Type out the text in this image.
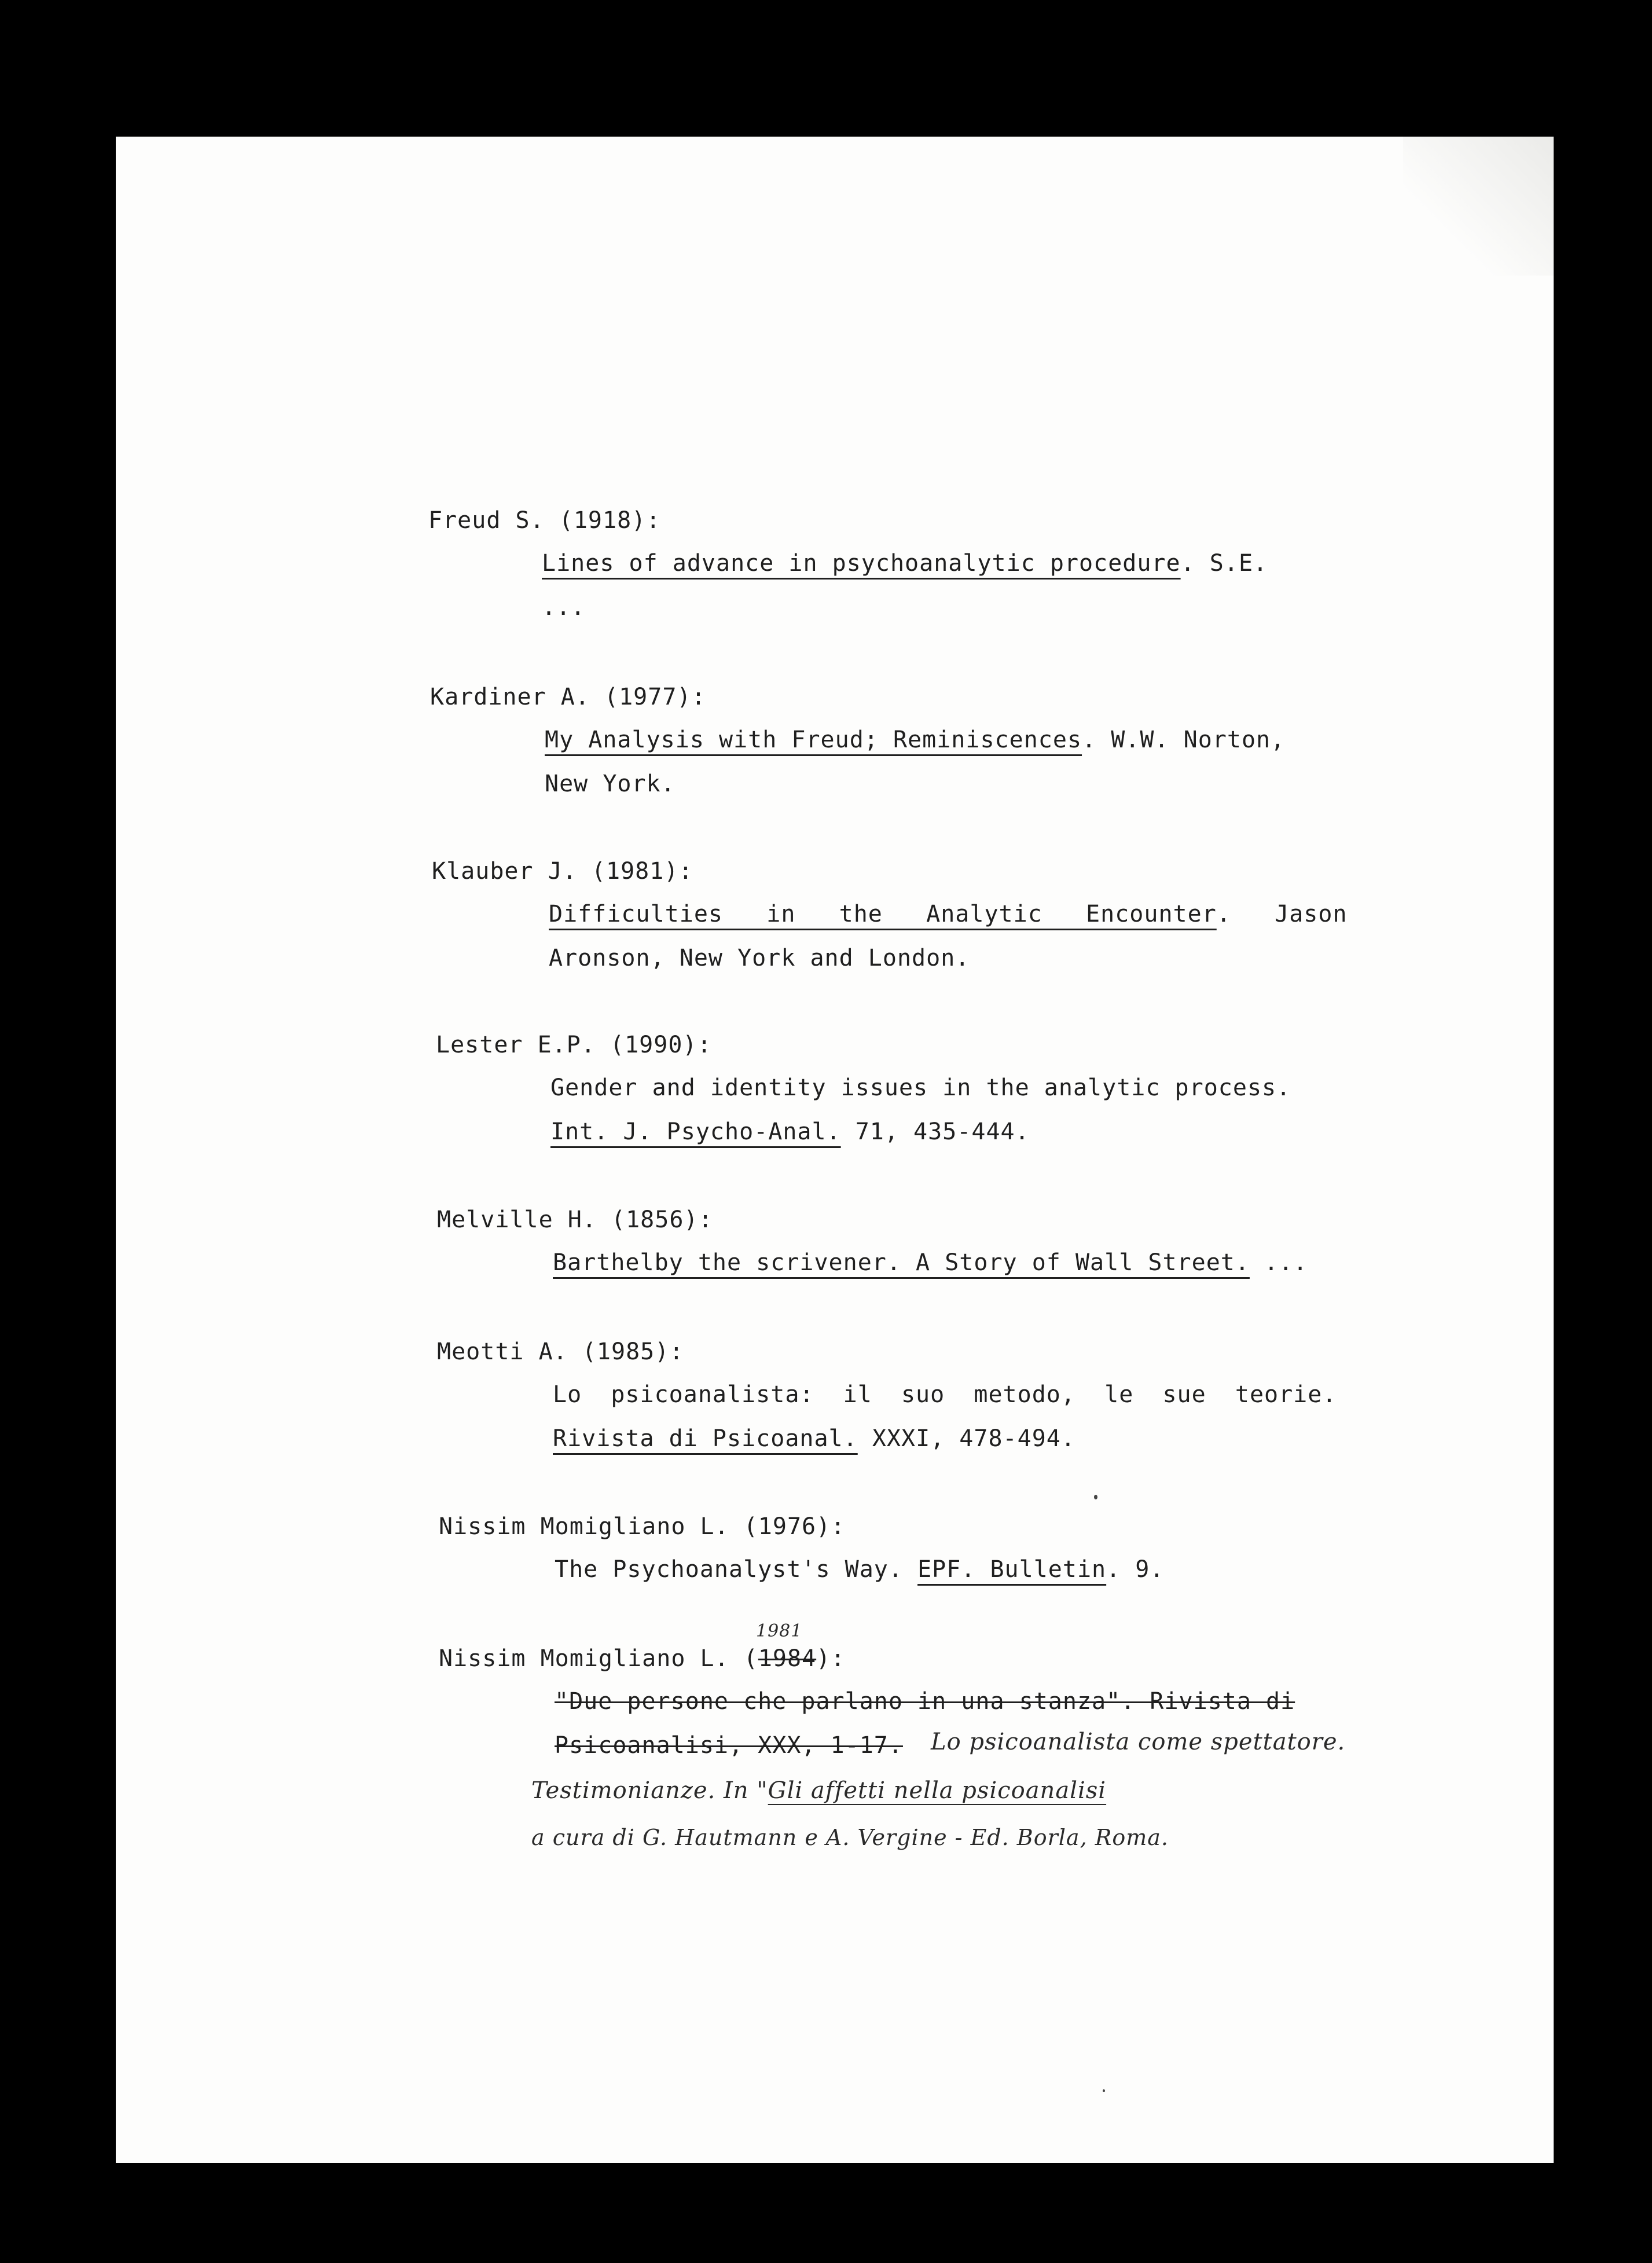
Freud S. (1918):
Lines of advance in psychoanalytic procedure. S.E.
...
Kardiner A. (1977):
My Analysis with Freud; Reminiscences. W.W. Norton,
New York.
Klauber J. (1981):
Difficulties   in   the   Analytic   Encounter.   Jason
Aronson, New York and London.
Lester E.P. (1990):
Gender and identity issues in the analytic process.
Int. J. Psycho-Anal. 71, 435-444.
Melville H. (1856):
Barthelby the scrivener. A Story of Wall Street. ...
Meotti A. (1985):
Lo  psicoanalista:  il  suo  metodo,  le  sue  teorie.
Rivista di Psicoanal. XXXI, 478-494.
Nissim Momigliano L. (1976):
The Psychoanalyst's Way. EPF. Bulletin. 9.
Nissim Momigliano L. (1984):
1981
"Due persone che parlano in una stanza". Rivista di
Psicoanalisi, XXX, 1-17. Lo psicoanalista come spettatore.
Testimonianze. In "Gli affetti nella psicoanalisi
a cura di G. Hautmann e A. Vergine - Ed. Borla, Roma.
